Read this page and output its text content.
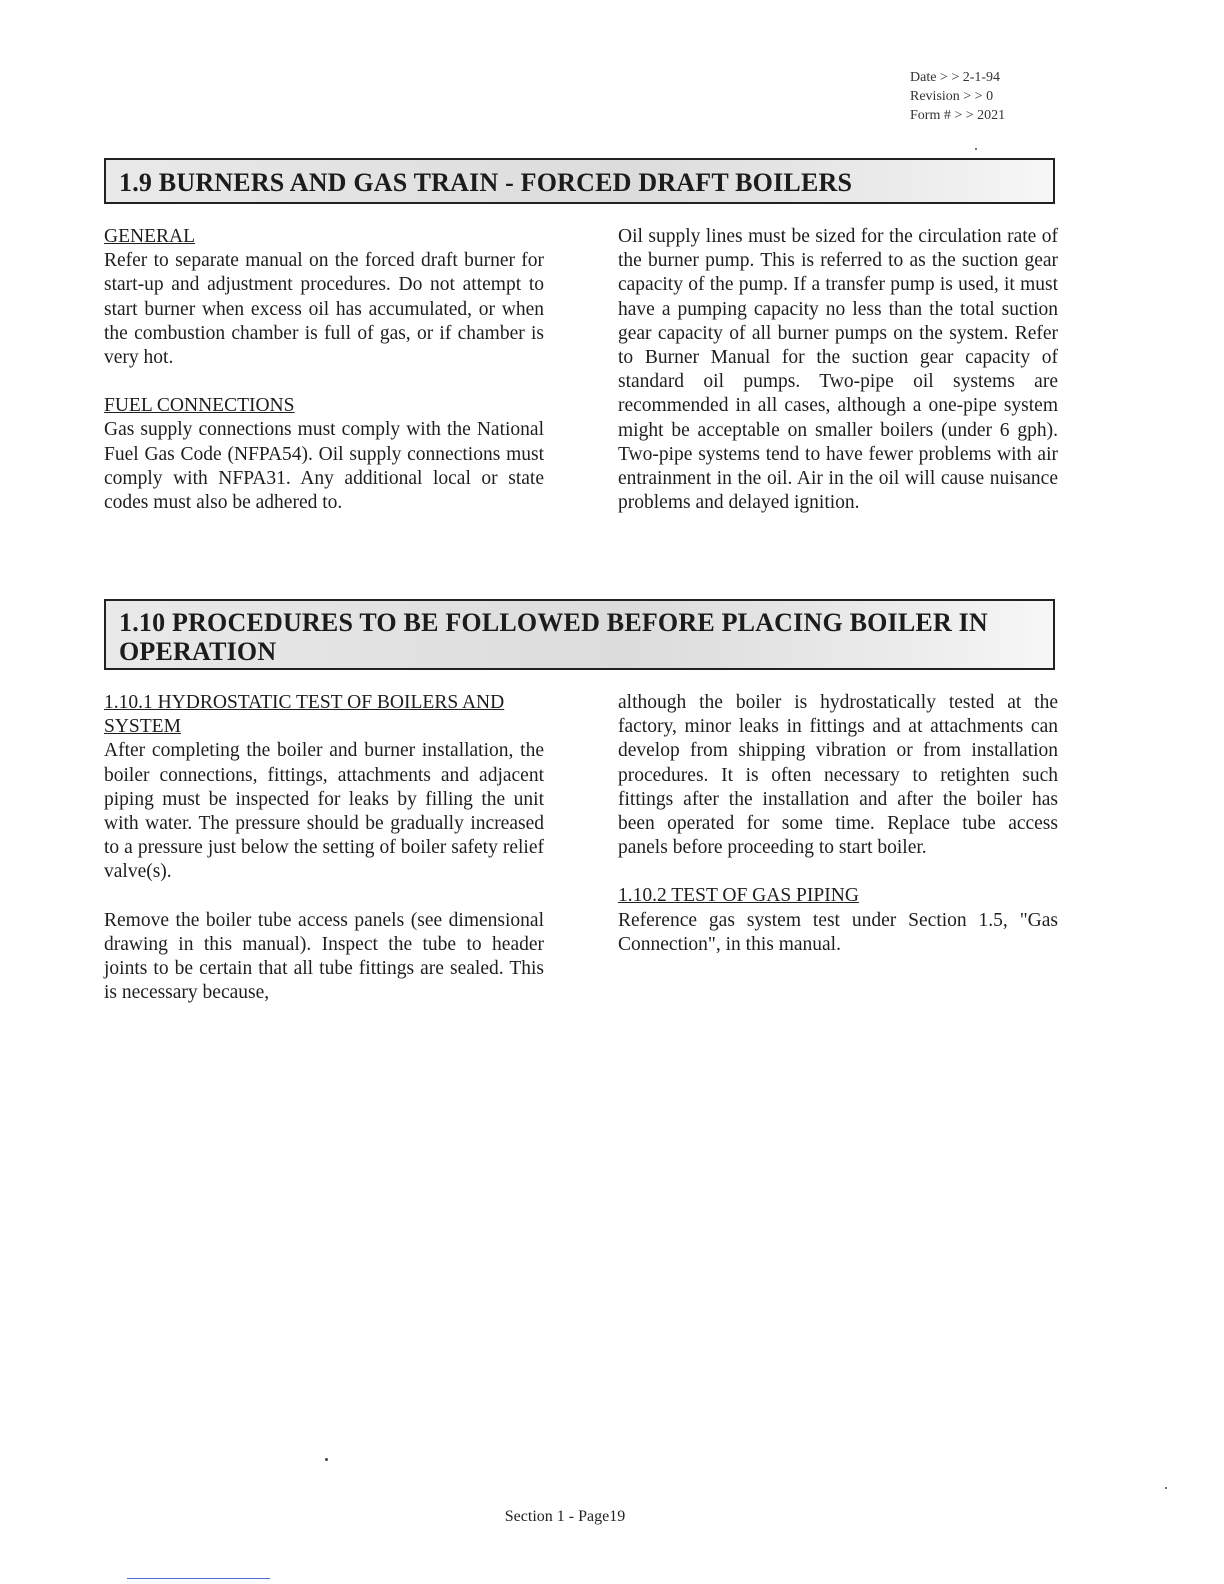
Date > > 2-1-94
Revision > > 0
Form # > > 2021
1.9 BURNERS AND GAS TRAIN - FORCED DRAFT BOILERS

GENERAL

Refer to separate manual on the forced draft burner for start-up and adjustment procedures. Do not attempt to start burner when excess oil has accumulated, or when the combustion chamber is full of gas, or if chamber is very hot.

FUEL CONNECTIONS

Gas supply connections must comply with the National Fuel Gas Code (NFPA54). Oil supply connections must comply with NFPA31. Any additional local or state codes must also be adhered to.

Oil supply lines must be sized for the circulation rate of the burner pump. This is referred to as the suction gear capacity of the pump. If a transfer pump is used, it must have a pumping capacity no less than the total suction gear capacity of all burner pumps on the system. Refer to Burner Manual for the suction gear capacity of standard oil pumps. Two-pipe oil systems are recommended in all cases, although a one-pipe system might be acceptable on smaller boilers (under 6 gph). Two-pipe systems tend to have fewer problems with air entrainment in the oil. Air in the oil will cause nuisance problems and delayed ignition.

1.10 PROCEDURES TO BE FOLLOWED BEFORE PLACING BOILER IN
OPERATION

1.10.1 HYDROSTATIC TEST OF BOILERS AND SYSTEM

After completing the boiler and burner installation, the boiler connections, fittings, attachments and adjacent piping must be inspected for leaks by filling the unit with water. The pressure should be gradually increased to a pressure just below the setting of boiler safety relief valve(s).

Remove the boiler tube access panels (see dimensional drawing in this manual). Inspect the tube to header joints to be certain that all tube fittings are sealed. This is necessary because,

although the boiler is hydrostatically tested at the factory, minor leaks in fittings and at attachments can develop from shipping vibration or from installation procedures. It is often necessary to retighten such fittings after the installation and after the boiler has been operated for some time. Replace tube access panels before proceeding to start boiler.

1.10.2 TEST OF GAS PIPING

Reference gas system test under Section 1.5, "Gas Connection", in this manual.

Section 1 - Page19
